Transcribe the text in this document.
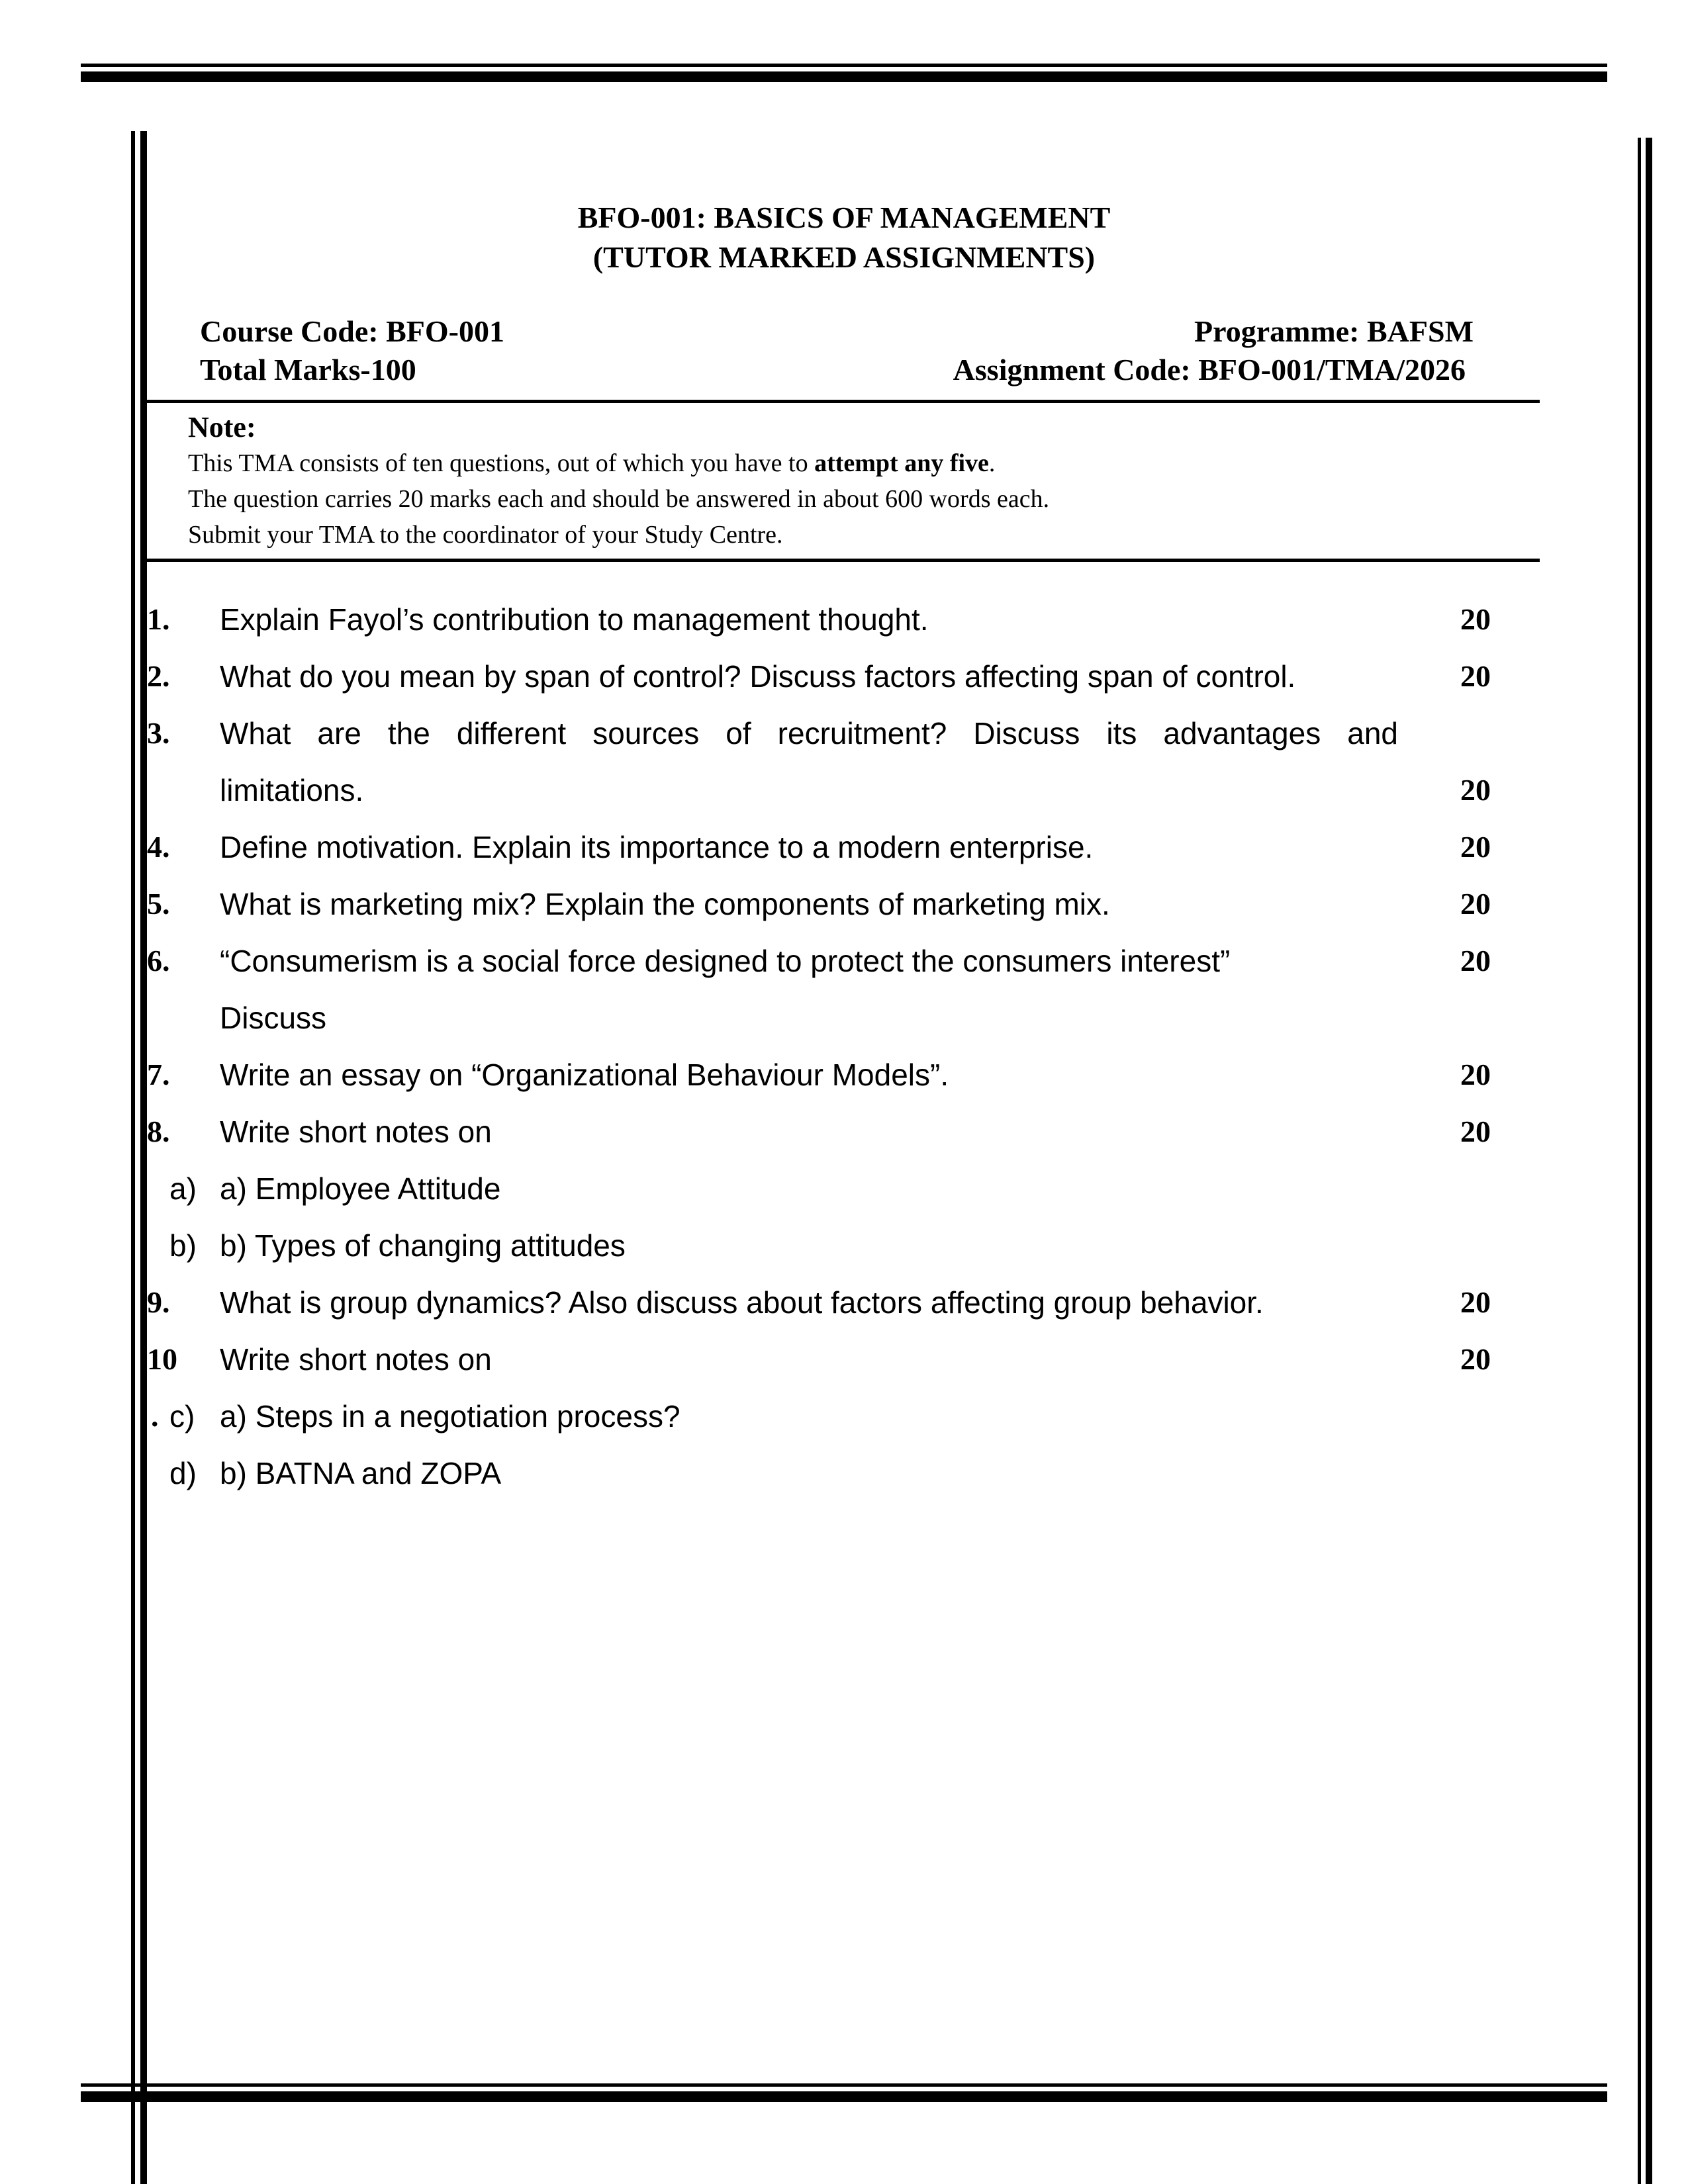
BFO-001: BASICS OF MANAGEMENT
(TUTOR MARKED ASSIGNMENTS)
Course Code: BFO-001	Programme: BAFSM
Total Marks-100	Assignment Code: BFO-001/TMA/2026
Note:
This TMA consists of ten questions, out of which you have to attempt any five.
The question carries 20 marks each and should be answered in about 600 words each.
Submit your TMA to the coordinator of your Study Centre.
1. Explain Fayol’s contribution to management thought.	20
2. What do you mean by span of control? Discuss factors affecting span of control.	20
3. What are the different sources of recruitment? Discuss its advantages and
limitations.	20
4. Define motivation. Explain its importance to a modern enterprise.	20
5. What is marketing mix? Explain the components of marketing mix.	20
6. “Consumerism is a social force designed to protect the consumers interest”	20
Discuss
7. Write an essay on “Organizational Behaviour Models”.	20
8. Write short notes on	20
a) a) Employee Attitude
b) b) Types of changing attitudes
9. What is group dynamics? Also discuss about factors affecting group behavior.	20
10 Write short notes on	20
. c) a) Steps in a negotiation process?
d) b) BATNA and ZOPA
